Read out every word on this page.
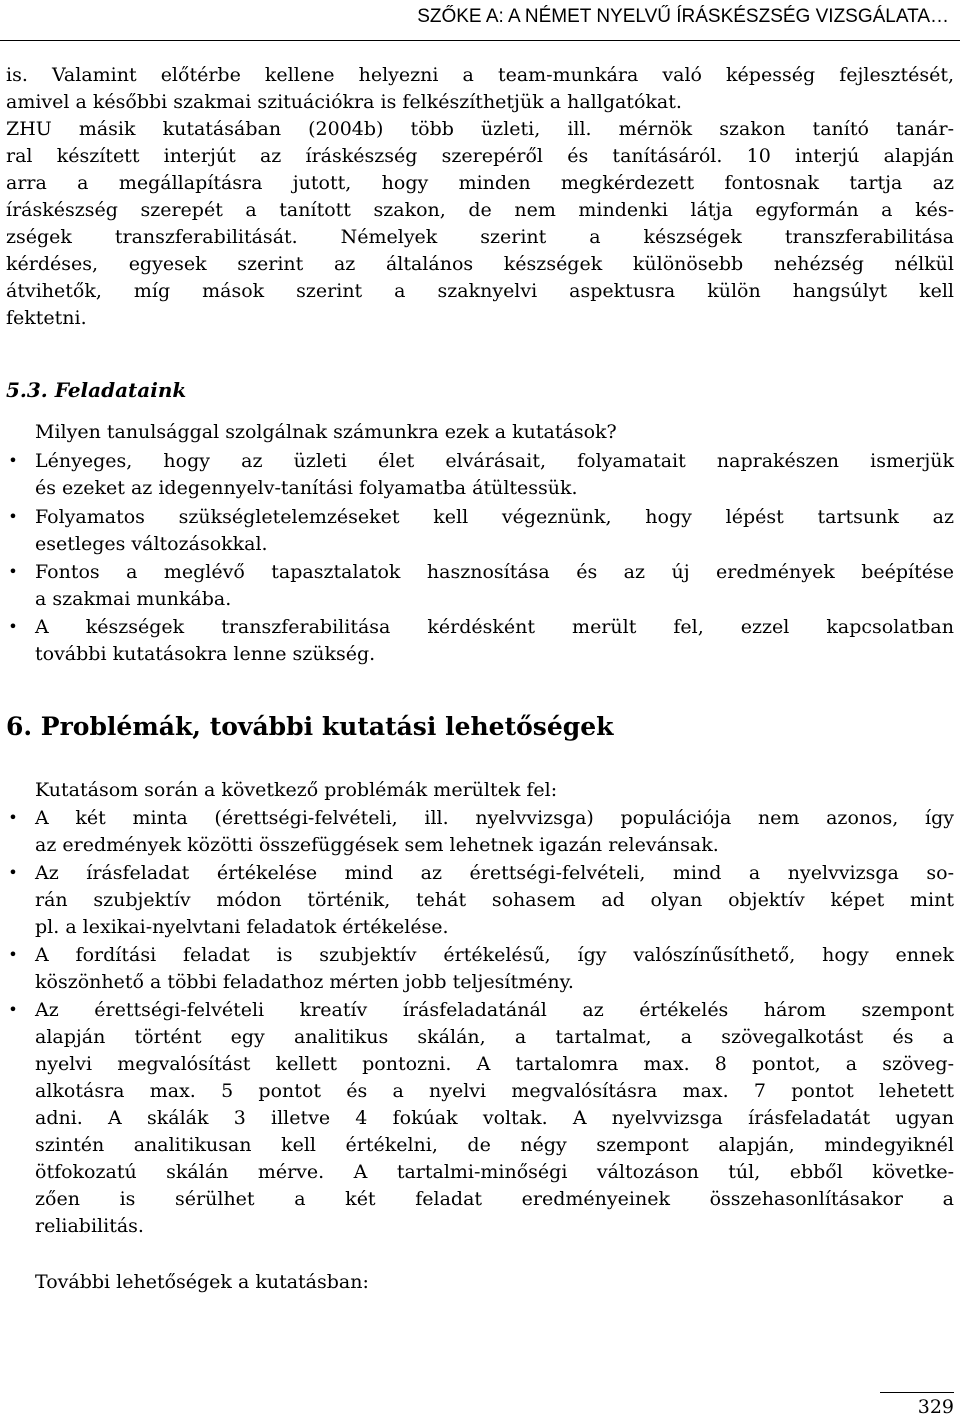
SZŐKE A: A NÉMET NYELVŰ ÍRÁSKÉSZSÉG VIZSGÁLATA…
is. Valamint előtérbe kellene helyezni a team-munkára való képesség fejlesztését,
amivel a későbbi szakmai szituációkra is felkészíthetjük a hallgatókat.
ZHU másik kutatásában (2004b) több üzleti, ill. mérnök szakon tanító tanár-
ral készített interjút az íráskészség szerepéről és tanításáról. 10 interjú alapján
arra a megállapításra jutott, hogy minden megkérdezett fontosnak tartja az
íráskészség szerepét a tanított szakon, de nem mindenki látja egyformán a kés-
zségek transzferabilitását. Némelyek szerint a készségek transzferabilitása
kérdéses, egyesek szerint az általános készségek különösebb nehézség nélkül
átvihetők, míg mások szerint a szaknyelvi aspektusra külön hangsúlyt kell
fektetni.
5.3. Feladataink
Milyen tanulsággal szolgálnak számunkra ezek a kutatások?
• Lényeges, hogy az üzleti élet elvárásait, folyamatait naprakészen ismerjük
és ezeket az idegennyelv-tanítási folyamatba átültessük.
• Folyamatos szükségletelemzéseket kell végeznünk, hogy lépést tartsunk az
esetleges változásokkal.
• Fontos a meglévő tapasztalatok hasznosítása és az új eredmények beépítése
a szakmai munkába.
• A készségek transzferabilitása kérdésként merült fel, ezzel kapcsolatban
további kutatásokra lenne szükség.
6. Problémák, további kutatási lehetőségek
Kutatásom során a következő problémák merültek fel:
• A két minta (érettségi-felvételi, ill. nyelvvizsga) populációja nem azonos, így
az eredmények közötti összefüggések sem lehetnek igazán relevánsak.
• Az írásfeladat értékelése mind az érettségi-felvételi, mind a nyelvvizsga so-
rán szubjektív módon történik, tehát sohasem ad olyan objektív képet mint
pl. a lexikai-nyelvtani feladatok értékelése.
• A fordítási feladat is szubjektív értékelésű, így valószínűsíthető, hogy ennek
köszönhető a többi feladathoz mérten jobb teljesítmény.
• Az érettségi-felvételi kreatív írásfeladatánál az értékelés három szempont
alapján történt egy analitikus skálán, a tartalmat, a szövegalkotást és a
nyelvi megvalósítást kellett pontozni. A tartalomra max. 8 pontot, a szöveg-
alkotásra max. 5 pontot és a nyelvi megvalósításra max. 7 pontot lehetett
adni. A skálák 3 illetve 4 fokúak voltak. A nyelvvizsga írásfeladatát ugyan
szintén analitikusan kell értékelni, de négy szempont alapján, mindegyiknél
ötfokozatú skálán mérve. A tartalmi-minőségi változáson túl, ebből követke-
zően is sérülhet a két feladat eredményeinek összehasonlításakor a
reliabilitás.
További lehetőségek a kutatásban:
329
